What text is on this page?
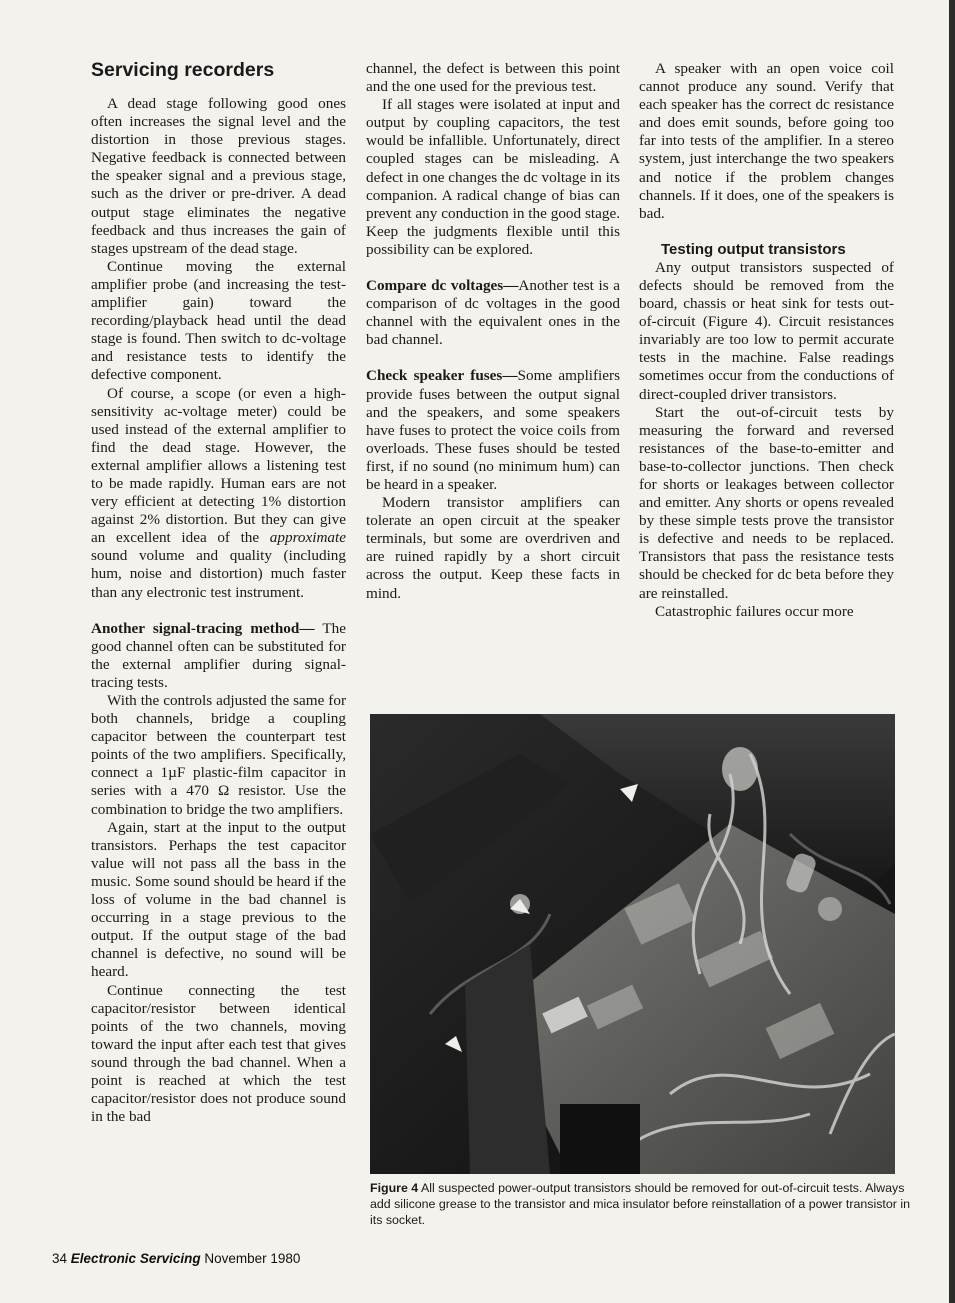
Servicing recorders

A dead stage following good ones often increases the signal level and the distortion in those previous stages. Negative feedback is connected between the speaker signal and a previous stage, such as the driver or pre-driver. A dead output stage eliminates the negative feedback and thus increases the gain of stages upstream of the dead stage.

Continue moving the external amplifier probe (and increasing the test-amplifier gain) toward the recording/playback head until the dead stage is found. Then switch to dc-voltage and resistance tests to identify the defective component.

Of course, a scope (or even a high-sensitivity ac-voltage meter) could be used instead of the external amplifier to find the dead stage. However, the external amplifier allows a listening test to be made rapidly. Human ears are not very efficient at detecting 1% distortion against 2% distortion. But they can give an excellent idea of the approximate sound volume and quality (including hum, noise and distortion) much faster than any electronic test instrument.

Another signal-tracing method— The good channel often can be substituted for the external amplifier during signal-tracing tests.

With the controls adjusted the same for both channels, bridge a coupling capacitor between the counterpart test points of the two amplifiers. Specifically, connect a 1µF plastic-film capacitor in series with a 470 Ω resistor. Use the combination to bridge the two amplifiers.

Again, start at the input to the output transistors. Perhaps the test capacitor value will not pass all the bass in the music. Some sound should be heard if the loss of volume in the bad channel is occurring in a stage previous to the output. If the output stage of the bad channel is defective, no sound will be heard.

Continue connecting the test capacitor/resistor between identical points of the two channels, moving toward the input after each test that gives sound through the bad channel. When a point is reached at which the test capacitor/resistor does not produce sound in the bad

channel, the defect is between this point and the one used for the previous test.

If all stages were isolated at input and output by coupling capacitors, the test would be infallible. Unfortunately, direct coupled stages can be misleading. A defect in one changes the dc voltage in its companion. A radical change of bias can prevent any conduction in the good stage. Keep the judgments flexible until this possibility can be explored.

Compare dc voltages—Another test is a comparison of dc voltages in the good channel with the equivalent ones in the bad channel.

Check speaker fuses—Some amplifiers provide fuses between the output signal and the speakers, and some speakers have fuses to protect the voice coils from overloads. These fuses should be tested first, if no sound (no minimum hum) can be heard in a speaker.

Modern transistor amplifiers can tolerate an open circuit at the speaker terminals, but some are overdriven and are ruined rapidly by a short circuit across the output. Keep these facts in mind.

A speaker with an open voice coil cannot produce any sound. Verify that each speaker has the correct dc resistance and does emit sounds, before going too far into tests of the amplifier. In a stereo system, just interchange the two speakers and notice if the problem changes channels. If it does, one of the speakers is bad.

Testing output transistors

Any output transistors suspected of defects should be removed from the board, chassis or heat sink for tests out-of-circuit (Figure 4). Circuit resistances invariably are too low to permit accurate tests in the machine. False readings sometimes occur from the conductions of direct-coupled driver transistors.

Start the out-of-circuit tests by measuring the forward and reversed resistances of the base-to-emitter and base-to-collector junctions. Then check for shorts or leakages between collector and emitter. Any shorts or opens revealed by these simple tests prove the transistor is defective and needs to be replaced. Transistors that pass the resistance tests should be checked for dc beta before they are reinstalled.

Catastrophic failures occur more

Figure 4 All suspected power-output transistors should be removed for out-of-circuit tests. Always add silicone grease to the transistor and mica insulator before reinstallation of a power transistor in its socket.
34 Electronic Servicing November 1980
